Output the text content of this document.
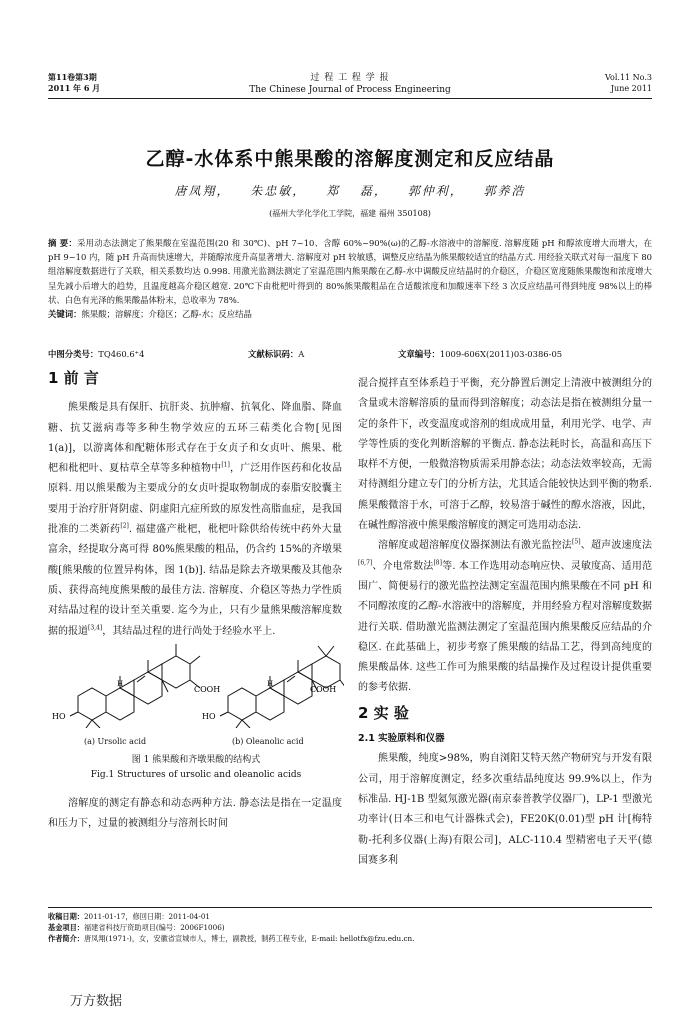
第11卷第3期
2011 年 6 月
过 程 工 程 学 报
The Chinese Journal of Process Engineering
Vol.11 No.3
June 2011
乙醇-水体系中熊果酸的溶解度测定和反应结晶
唐凤翔， 朱忠敏， 郑 磊， 郭仲利， 郭养浩
(福州大学化学化工学院，福建 福州 350108)
摘 要：采用动态法测定了熊果酸在室温范围(20 和 30℃)、pH 7~10、含醇 60%~90%(ω)的乙醇-水溶液中的溶解度. 溶解度随 pH 和醇浓度增大而增大，在 pH 9~10 内，随 pH 升高而快速增大，并随醇浓度升高显著增大. 溶解度对 pH 较敏感，调整反应结晶为熊果酸较适宜的结晶方式. 用经验关联式对每一温度下 80 组溶解度数据进行了关联，相关系数均达 0.998. 用激光监测法测定了室温范围内熊果酸在乙醇-水中调酸反应结晶时的介稳区，介稳区宽度随熊果酸饱和浓度增大呈先减小后增大的趋势，且温度越高介稳区越宽. 20℃下由枇杷叶得到的 80%熊果酸粗品在合适酸浓度和加酸速率下经 3 次反应结晶可得到纯度 98%以上的棒状、白色有光泽的熊果酸晶体粉末，总收率为 78%.
关键词：熊果酸；溶解度；介稳区；乙醇-水；反应结晶
中图分类号：TQ460.6⁺4	文献标识码：A	文章编号：1009-606X(2011)03-0386-05
1 前 言

熊果酸是具有保肝、抗肝炎、抗肿瘤、抗氧化、降血脂、降血糖、抗艾滋病毒等多种生物学效应的五环三萜类化合物[见图 1(a)]，以游离体和配糖体形式存在于女贞子和女贞叶、熊果、枇杷和枇杷叶、夏枯草全草等多种植物中[1]，广泛用作医药和化妆品原料. 用以熊果酸为主要成分的女贞叶提取物制成的泰脂安胶囊主要用于治疗肝肾阴虚、阴虚阳亢症所致的原发性高脂血症，是我国批准的二类新药[2]. 福建盛产枇杷，枇杷叶除供给传统中药外大量富余，经提取分离可得 80%熊果酸的粗品，仍含约 15%的齐墩果酸[熊果酸的位置异构体，图 1(b)]. 结晶是除去齐墩果酸及其他杂质、获得高纯度熊果酸的最佳方法. 溶解度、介稳区等热力学性质对结晶过程的设计至关重要. 迄今为止，只有少量熊果酸溶解度数据的报道[3,4]，其结晶过程的进行尚处于经验水平上.

COOH
HO
H
COOH
HO
H
(a) Ursolic acid	(b) Oleanolic acid
图 1 熊果酸和齐墩果酸的结构式
Fig.1 Structures of ursolic and oleanolic acids

溶解度的测定有静态和动态两种方法. 静态法是指在一定温度和压力下，过量的被测组分与溶剂长时间

混合搅拌直至体系趋于平衡，充分静置后测定上清液中被测组分的含量或未溶解溶质的量而得到溶解度；动态法是指在被测组分量一定的条件下，改变温度或溶剂的组成成用量，利用光学、电学、声学等性质的变化判断溶解的平衡点. 静态法耗时长，高温和高压下取样不方便，一般微溶物质需采用静态法；动态法效率较高，无需对待测组分建立专门的分析方法，尤其适合能较快达到平衡的物系. 熊果酸微溶于水，可溶于乙醇，较易溶于碱性的醇水溶液，因此，在碱性醇溶液中熊果酸溶解度的测定可选用动态法.

溶解度或超溶解度仪器探测法有激光监控法[5]、超声波速度法[6,7]、介电常数法[8]等. 本工作选用动态响应快、灵敏度高、适用范围广、简便易行的激光监控法测定室温范围内熊果酸在不同 pH 和不同醇浓度的乙醇-水溶液中的溶解度，并用经验方程对溶解度数据进行关联. 借助激光监测法测定了室温范围内熊果酸反应结晶的介稳区. 在此基础上，初步考察了熊果酸的结晶工艺，得到高纯度的熊果酸晶体. 这些工作可为熊果酸的结晶操作及过程设计提供重要的参考依据.

2 实 验
2.1 实验原料和仪器

熊果酸，纯度>98%，购自浏阳艾特天然产物研究与开发有限公司，用于溶解度测定，经多次重结晶纯度达 99.9%以上，作为标准品. HJ-1B 型氦氖激光器(南京泰普教学仪器厂)，LP-1 型激光功率计(日本三和电气计器株式会)，FE20K(0.01)型 pH 计[梅特勒-托利多仪器(上海)有限公司]，ALC-110.4 型精密电子天平(德国赛多利

收稿日期：2011-01-17，修回日期：2011-04-01
基金项目：福建省科技厅资助项目(编号：2006F1006)
作者简介：唐凤翔(1971-)，女，安徽省宣城市人，博士，副教授，制药工程专业，E-mail: hellotfx@fzu.edu.cn.
万方数据
